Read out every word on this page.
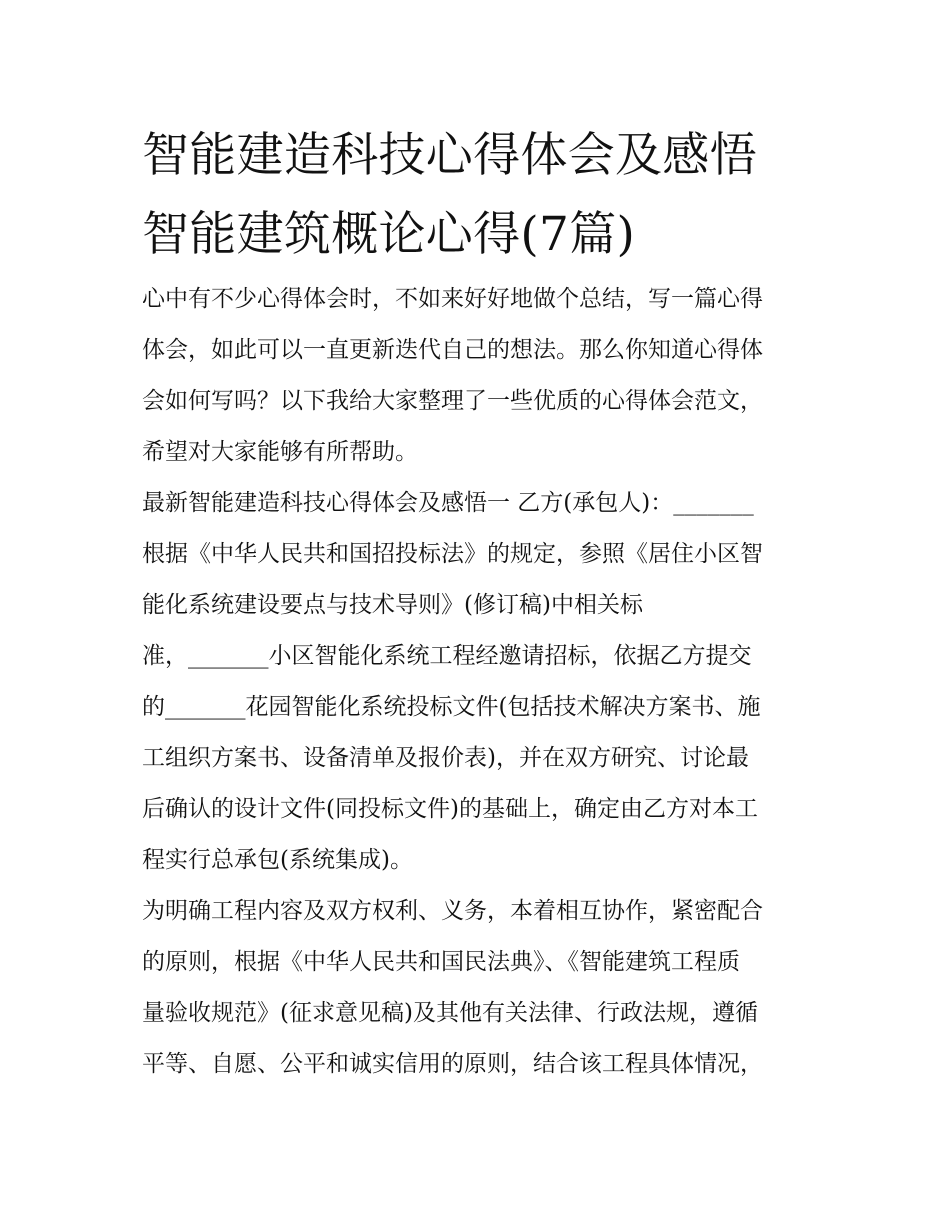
智能建造科技心得体会及感悟
智能建筑概论心得(7篇)
心中有不少心得体会时，不如来好好地做个总结，写一篇心得
体会，如此可以一直更新迭代自己的想法。那么你知道心得体
会如何写吗？以下我给大家整理了一些优质的心得体会范文，
希望对大家能够有所帮助。
最新智能建造科技心得体会及感悟一 乙方(承包人)：_______
根据《中华人民共和国招投标法》的规定，参照《居住小区智
能化系统建设要点与技术导则》(修订稿)中相关标
准，_______小区智能化系统工程经邀请招标，依据乙方提交
的_______花园智能化系统投标文件(包括技术解决方案书、施
工组织方案书、设备清单及报价表)，并在双方研究、讨论最
后确认的设计文件(同投标文件)的基础上，确定由乙方对本工
程实行总承包(系统集成)。
为明确工程内容及双方权利、义务，本着相互协作，紧密配合
的原则，根据《中华人民共和国民法典》、《智能建筑工程质
量验收规范》(征求意见稿)及其他有关法律、行政法规，遵循
平等、自愿、公平和诚实信用的原则，结合该工程具体情况，
